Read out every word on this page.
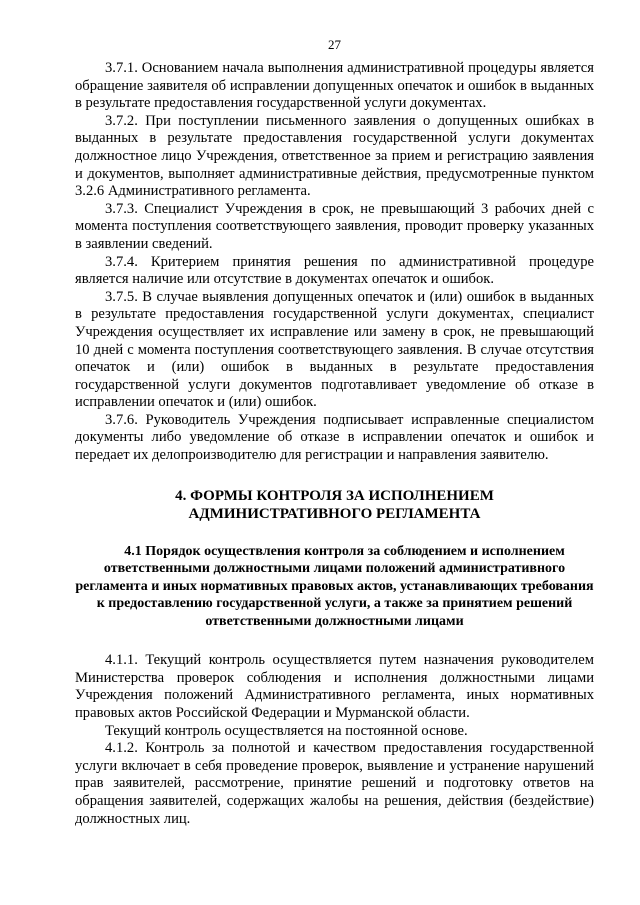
27

3.7.1. Основанием начала выполнения административной процедуры является обращение заявителя об исправлении допущенных опечаток и ошибок в выданных в результате предоставления государственной услуги документах.

3.7.2. При поступлении письменного заявления о допущенных ошибках в выданных в результате предоставления государственной услуги документах должностное лицо Учреждения, ответственное за прием и регистрацию заявления и документов, выполняет административные действия, предусмотренные пунктом 3.2.6 Административного регламента.

3.7.3. Специалист Учреждения в срок, не превышающий 3 рабочих дней с момента поступления соответствующего заявления, проводит проверку указанных в заявлении сведений.

3.7.4. Критерием принятия решения по административной процедуре является наличие или отсутствие в документах опечаток и ошибок.

3.7.5. В случае выявления допущенных опечаток и (или) ошибок в выданных в результате предоставления государственной услуги документах, специалист Учреждения осуществляет их исправление или замену в срок, не превышающий 10 дней с момента поступления соответствующего заявления. В случае отсутствия опечаток и (или) ошибок в выданных в результате предоставления государственной услуги документов подготавливает уведомление об отказе в исправлении опечаток и (или) ошибок.

3.7.6. Руководитель Учреждения подписывает исправленные специалистом документы либо уведомление об отказе в исправлении опечаток и ошибок и передает их делопроизводителю для регистрации и направления заявителю.

4. ФОРМЫ КОНТРОЛЯ ЗА ИСПОЛНЕНИЕМ
АДМИНИСТРАТИВНОГО РЕГЛАМЕНТА
4.1 Порядок осуществления контроля за соблюдением и исполнением ответственными должностными лицами положений административного регламента и иных нормативных правовых актов, устанавливающих требования к предоставлению государственной услуги, а также за принятием решений ответственными должностными лицами

4.1.1. Текущий контроль осуществляется путем назначения руководителем Министерства проверок соблюдения и исполнения должностными лицами Учреждения положений Административного регламента, иных нормативных правовых актов Российской Федерации и Мурманской области.

Текущий контроль осуществляется на постоянной основе.

4.1.2. Контроль за полнотой и качеством предоставления государственной услуги включает в себя проведение проверок, выявление и устранение нарушений прав заявителей, рассмотрение, принятие решений и подготовку ответов на обращения заявителей, содержащих жалобы на решения, действия (бездействие) должностных лиц.
